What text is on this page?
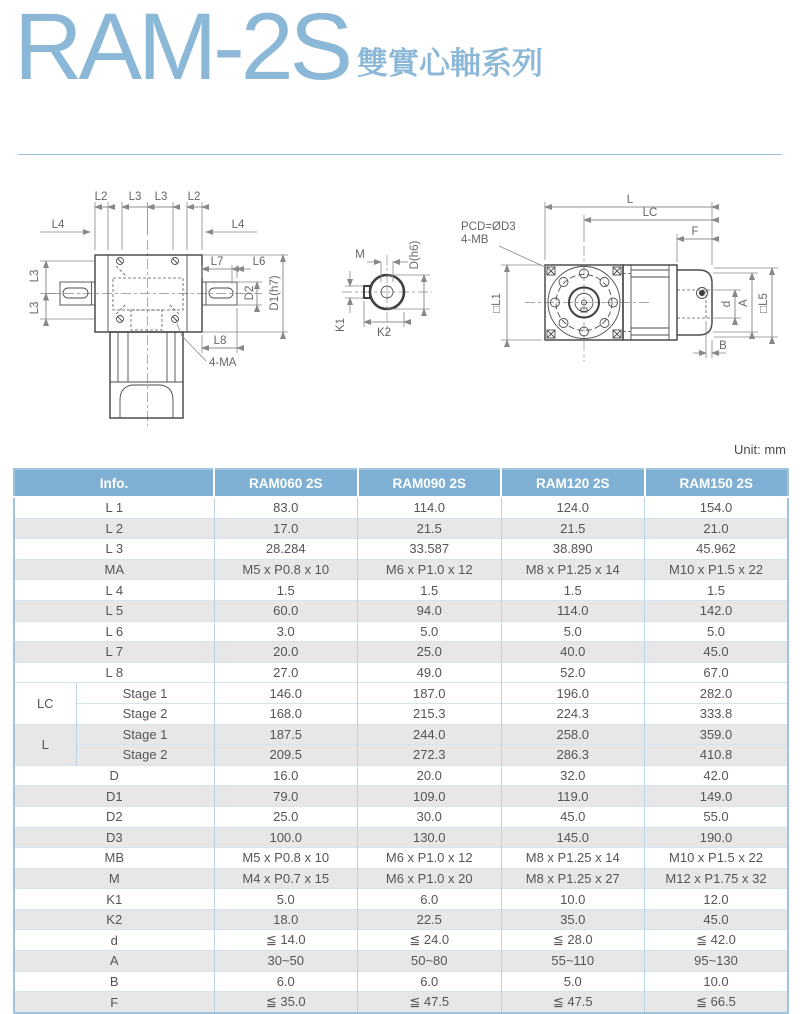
RAM-2S 雙實心軸系列
L2 L3 L3 L2
L4	L4
L3
L3
L7	L6
D2 D1(h7)
L8
4-MA
M	D(h6)
K1
K2
L
LC
F
PCD=ØD3
4-MB
□L1	d A □L5
B
Unit: mm
Info.		RAM060 2S	RAM090 2S	RAM120 2S	RAM150 2S
L 1		83.0	114.0	124.0	154.0
L 2		17.0	21.5	21.5	21.0
L 3		28.284	33.587	38.890	45.962
MA		M5 x P0.8 x 10	M6 x P1.0 x 12	M8 x P1.25 x 14	M10 x P1.5 x 22
L 4		1.5	1.5	1.5	1.5
L 5		60.0	94.0	114.0	142.0
L 6		3.0	5.0	5.0	5.0
L 7		20.0	25.0	40.0	45.0
L 8		27.0	49.0	52.0	67.0
LC	Stage 1	146.0	187.0	196.0	282.0
	Stage 2	168.0	215.3	224.3	333.8
L	Stage 1	187.5	244.0	258.0	359.0
	Stage 2	209.5	272.3	286.3	410.8
D		16.0	20.0	32.0	42.0
D1		79.0	109.0	119.0	149.0
D2		25.0	30.0	45.0	55.0
D3		100.0	130.0	145.0	190.0
MB		M5 x P0.8 x 10	M6 x P1.0 x 12	M8 x P1.25 x 14	M10 x P1.5 x 22
M		M4 x P0.7 x 15	M6 x P1.0 x 20	M8 x P1.25 x 27	M12 x P1.75 x 32
K1		5.0	6.0	10.0	12.0
K2		18.0	22.5	35.0	45.0
d		≦ 14.0	≦ 24.0	≦ 28.0	≦ 42.0
A		30~50	50~80	55~110	95~130
B		6.0	6.0	5.0	10.0
F		≦ 35.0	≦ 47.5	≦ 47.5	≦ 66.5
